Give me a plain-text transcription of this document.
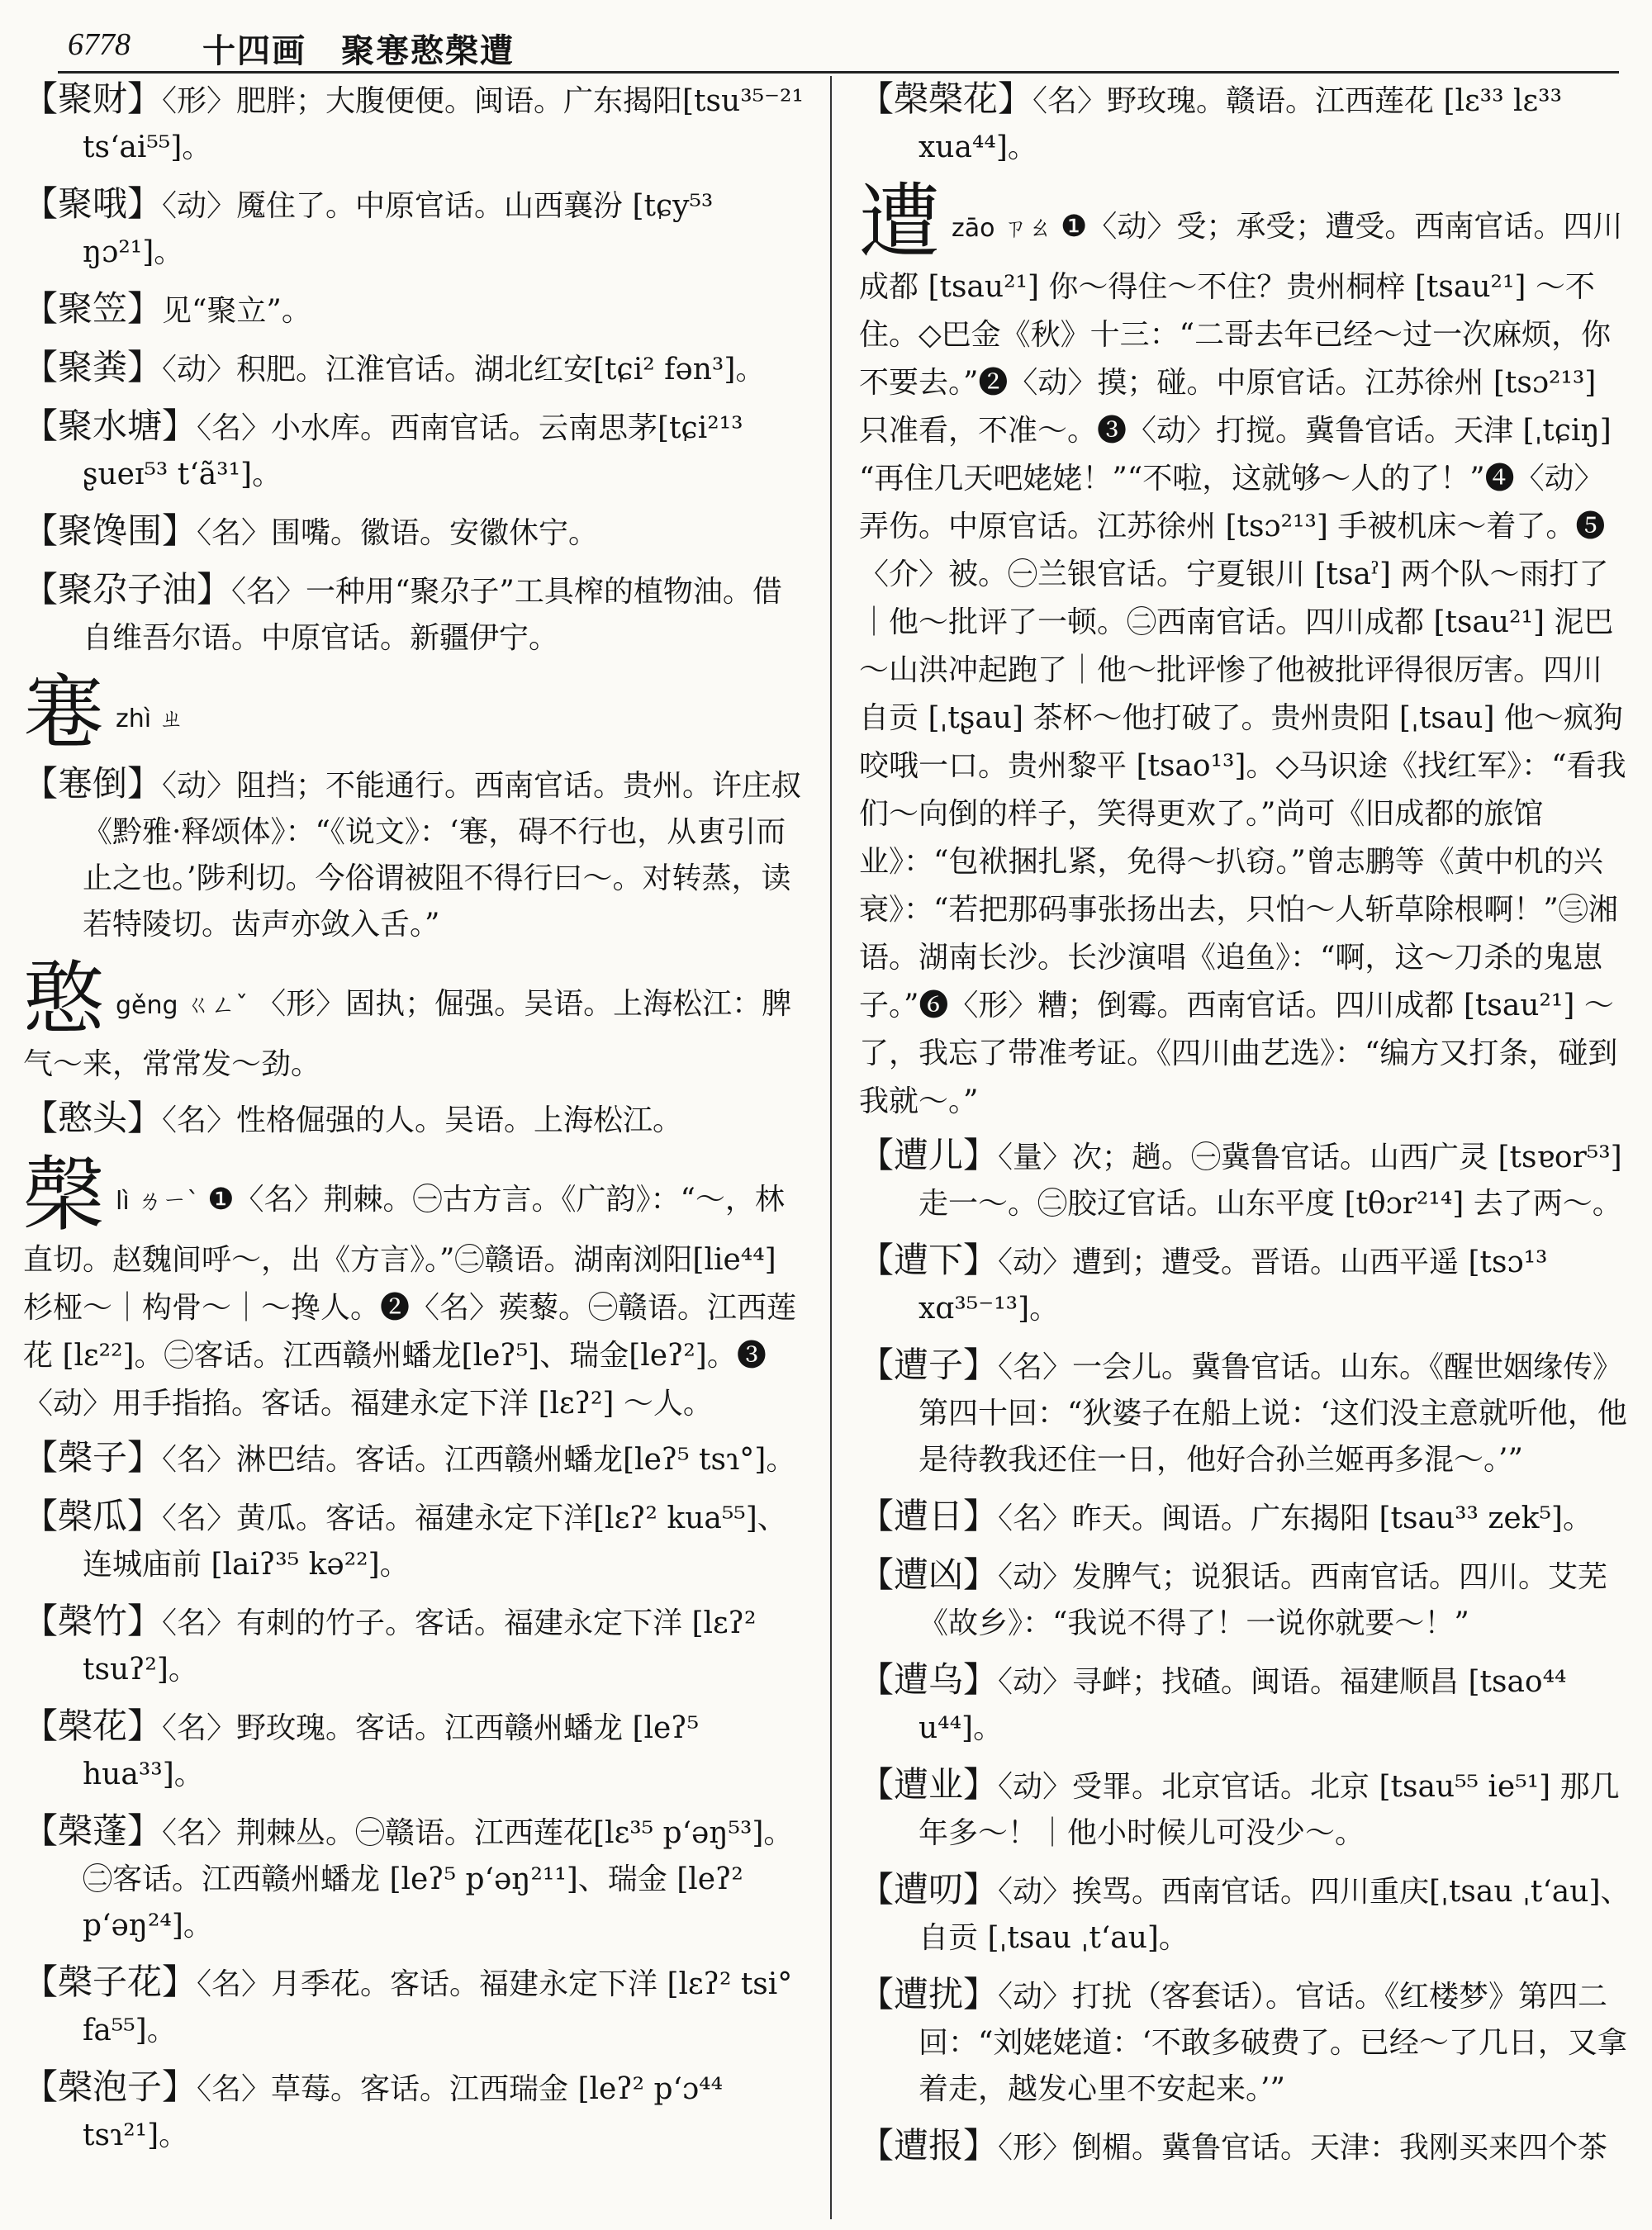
6778 十四画　聚寋憨㯏遭
【聚财】〈形〉肥胖；大腹便便。闽语。广东揭阳[tsu³⁵⁻²¹ ts‘ai⁵⁵]。
【聚哦】〈动〉魇住了。中原官话。山西襄汾 [tɕy⁵³ ŋɔ²¹]。
【聚笠】见“聚立”。
【聚粪】〈动〉积肥。江淮官话。湖北红安[tɕi² fən³]。
【聚水塘】〈名〉小水库。西南官话。云南思茅[tɕi²¹³ ʂueɪ⁵³ t‘ã³¹]。
【聚馋围】〈名〉围嘴。徽语。安徽休宁。
【聚尕子油】〈名〉一种用“聚尕子”工具榨的植物油。借自维吾尔语。中原官话。新疆伊宁。
寋zhì ㄓ
【寋倒】〈动〉阻挡；不能通行。西南官话。贵州。许庄叔《黔雅·释颂体》：“《说文》：‘寋，碍不行也，从叀引而止之也。’陟利切。今俗谓被阻不得行曰～。对转蒸，读若特陵切。齿声亦敛入舌。”
憨gěng ㄍㄥˇ 〈形〉固执；倔强。吴语。上海松江：脾气～来，常常发～劲。
【憨头】〈名〉性格倔强的人。吴语。上海松江。
㯏lì ㄌㄧˋ ❶〈名〉荆棘。㊀古方言。《广韵》：“～，林直切。赵魏间呼～，出《方言》。”㊁赣语。湖南浏阳[lie⁴⁴] 杉桠～｜构骨～｜～搀人。❷〈名〉蒺藜。㊀赣语。江西莲花 [lɛ²²]。㊁客话。江西赣州蟠龙[leʔ⁵]、瑞金[leʔ²]。❸〈动〉用手指掐。客话。福建永定下洋 [lɛʔ²] ～人。
【㯏子】〈名〉淋巴结。客话。江西赣州蟠龙[leʔ⁵ tsɿ°]。
【㯏瓜】〈名〉黄瓜。客话。福建永定下洋[lɛʔ² kua⁵⁵]、连城庙前 [laiʔ³⁵ kə²²]。
【㯏竹】〈名〉有刺的竹子。客话。福建永定下洋 [lɛʔ² tsuʔ²]。
【㯏花】〈名〉野玫瑰。客话。江西赣州蟠龙 [leʔ⁵ hua³³]。
【㯏蓬】〈名〉荆棘丛。㊀赣语。江西莲花[lɛ³⁵ p‘əŋ⁵³]。㊁客话。江西赣州蟠龙 [leʔ⁵ p‘əŋ²¹¹]、瑞金 [leʔ² p‘əŋ²⁴]。
【㯏子花】〈名〉月季花。客话。福建永定下洋 [lɛʔ² tsi° fa⁵⁵]。
【㯏泡子】〈名〉草莓。客话。江西瑞金 [leʔ² p‘ɔ⁴⁴ tsɿ²¹]。
【㯏㯏花】〈名〉野玫瑰。赣语。江西莲花 [lɛ³³ lɛ³³ xua⁴⁴]。
遭zāo ㄗㄠ ❶〈动〉受；承受；遭受。西南官话。四川成都 [tsau²¹] 你～得住～不住？贵州桐梓 [tsau²¹] ～不住。◇巴金《秋》十三：“二哥去年已经～过一次麻烦，你不要去。”❷〈动〉摸；碰。中原官话。江苏徐州 [tsɔ²¹³] 只准看，不准～。❸〈动〉打搅。冀鲁官话。天津 [ˌtɕiŋ] “再住几天吧姥姥！”“不啦，这就够～人的了！”❹〈动〉弄伤。中原官话。江苏徐州 [tsɔ²¹³] 手被机床～着了。❺〈介〉被。㊀兰银官话。宁夏银川 [tsaˀ] 两个队～雨打了｜他～批评了一顿。㊁西南官话。四川成都 [tsau²¹] 泥巴～山洪冲起跑了｜他～批评惨了他被批评得很厉害。四川自贡 [ˌtʂau] 茶杯～他打破了。贵州贵阳 [ˌtsau] 他～疯狗咬哦一口。贵州黎平 [tsao¹³]。◇马识途《找红军》：“看我们～向倒的样子，笑得更欢了。”尚可《旧成都的旅馆业》：“包袱捆扎紧，免得～扒窃。”曾志鹏等《黄中机的兴衰》：“若把那码事张扬出去，只怕～人斩草除根啊！”㊂湘语。湖南长沙。长沙演唱《追鱼》：“啊，这～刀杀的鬼崽子。”❻〈形〉糟；倒霉。西南官话。四川成都 [tsau²¹] ～了，我忘了带准考证。《四川曲艺选》：“编方又打条，碰到我就～。”
【遭儿】〈量〉次；趟。㊀冀鲁官话。山西广灵 [tsɐor⁵³] 走一～。㊁胶辽官话。山东平度 [tθɔr²¹⁴] 去了两～。
【遭下】〈动〉遭到；遭受。晋语。山西平遥 [tsɔ¹³ xɑ³⁵⁻¹³]。
【遭子】〈名〉一会儿。冀鲁官话。山东。《醒世姻缘传》第四十回：“狄婆子在船上说：‘这们没主意就听他，他是待教我还住一日，他好合孙兰姬再多混～。’”
【遭日】〈名〉昨天。闽语。广东揭阳 [tsau³³ zek⁵]。
【遭凶】〈动〉发脾气；说狠话。西南官话。四川。艾芜《故乡》：“我说不得了！一说你就要～！”
【遭乌】〈动〉寻衅；找碴。闽语。福建顺昌 [tsao⁴⁴ u⁴⁴]。
【遭业】〈动〉受罪。北京官话。北京 [tsau⁵⁵ ie⁵¹] 那几年多～！｜他小时候儿可没少～。
【遭叨】〈动〉挨骂。西南官话。四川重庆[ˌtsau ˌt‘au]、自贡 [ˌtsau ˌt‘au]。
【遭扰】〈动〉打扰（客套话）。官话。《红楼梦》第四二回：“刘姥姥道：‘不敢多破费了。已经～了几日，又拿着走，越发心里不安起来。’”
【遭报】〈形〉倒楣。冀鲁官话。天津：我刚买来四个茶
